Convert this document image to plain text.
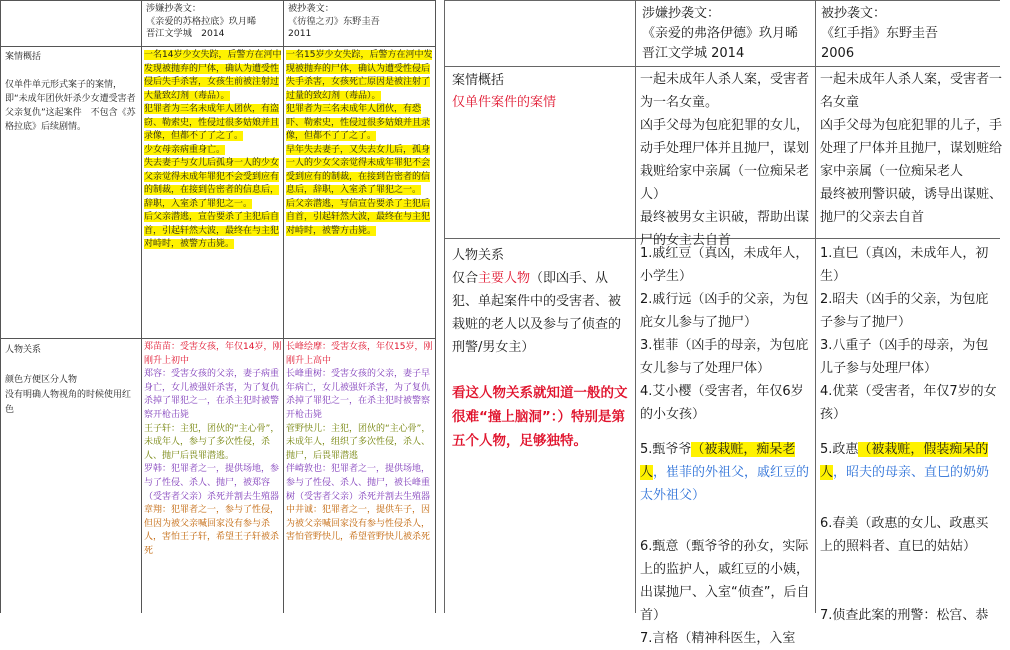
涉嫌抄袭文：
《亲爱的苏格拉底》玖月晞
晋江文学城　2014
被抄袭文：
《彷徨之刃》东野圭吾
2011
案情概括
仅单件单元形式案子的案情，即“未成年团伙奸杀少女遭受害者父亲复仇”这起案件　不包含《苏格拉底》后续剧情。

一名14岁少女失踪，后警方在河中发现被抛弃的尸体，确认为遭受性侵后失手杀害，女孩生前被注射过大量致幻剂（毒品）。

犯罪者为三名未成年人团伙，有盗窃、勒索史，性侵过很多姑娘并且录像，但都不了了之了。

少女母亲病重身亡。

失去妻子与女儿后孤身一人的少女父亲觉得未成年罪犯不会受到应有的制裁，在接到告密者的信息后，辞职，入室杀了罪犯之一。

后父亲潜逃，宣告要杀了主犯后自首，引起轩然大波，最终在与主犯对峙时，被警方击毙。

一名15岁少女失踪，后警方在河中发现被抛弃的尸体，确认为遭受性侵后失手杀害，女孩死亡原因是被注射了过量的致幻剂（毒品）。

犯罪者为三名未成年人团伙，有恐吓、勒索史，性侵过很多姑娘并且录像，但都不了了之了。

早年失去妻子，又失去女儿后，孤身一人的少女父亲觉得未成年罪犯不会受到应有的制裁，在接到告密者的信息后，辞职，入室杀了罪犯之一。

后父亲潜逃，写信宣告要杀了主犯后自首，引起轩然大波，最终在与主犯对峙时，被警方击毙。

人物关系
颜色方便区分人物
没有明确人物视角的时候使用红色

郑苗苗：受害女孩，年仅14岁，刚刚升上初中

郑容：受害女孩的父亲，妻子病重身亡，女儿被强奸杀害，为了复仇杀掉了罪犯之一，在杀主犯时被警察开枪击毙

王子轩：主犯，团伙的“主心骨”，未成年人，参与了多次性侵，杀人、抛尸后畏罪潜逃。

罗韩：犯罪者之一，提供场地，参与了性侵、杀人、抛尸，被郑容（受害者父亲）杀死并割去生殖器

章翔：犯罪者之一，参与了性侵，但因为被父亲喊回家没有参与杀人，害怕王子轩，希望王子轩被杀死

长峰绘摩：受害女孩，年仅15岁，刚刚升上高中

长峰重树：受害女孩的父亲，妻子早年病亡，女儿被强奸杀害，为了复仇杀掉了罪犯之一，在杀主犯时被警察开枪击毙

菅野快儿：主犯，团伙的“主心骨”，未成年人，组织了多次性侵，杀人、抛尸，后畏罪潜逃

伴崎敦也：犯罪者之一，提供场地，参与了性侵、杀人、抛尸，被长峰重树（受害者父亲）杀死并割去生殖器

中井诚：犯罪者之一，提供车子，因为被父亲喊回家没有参与性侵杀人，害怕菅野快儿，希望菅野快儿被杀死

涉嫌抄袭文：
《亲爱的弗洛伊德》玖月晞
晋江文学城 2014
被抄袭文：
《红手指》东野圭吾
2006
案情概括
仅单件案件的案情

一起未成年人杀人案，受害者为一名女童。

凶手父母为包庇犯罪的女儿，动手处理尸体并且抛尸，谋划栽赃给家中亲属（一位痴呆老人）

最终被男女主识破，帮助出谋尸的女主去自首

一起未成年人杀人案，受害者一名女童

凶手父母为包庇犯罪的儿子，手处理了尸体并且抛尸，谋划赃给家中亲属（一位痴呆老人

最终被刑警识破，诱导出谋赃、抛尸的父亲去自首

人物关系
仅合主要人物（即凶手、从犯、单起案件中的受害者、被栽赃的老人以及参与了侦查的刑警/男女主）
看这人物关系就知道一般的文很难“撞上脑洞”：）特别是第五个人物，足够独特。

1.戚红豆（真凶，未成年人，小学生）

2.戚行远（凶手的父亲，为包庇女儿参与了抛尸）

3.崔菲（凶手的母亲，为包庇女儿参与了处理尸体）

4.艾小樱（受害者，年仅6岁的小女孩）

5.甄爷爷（被栽赃，痴呆老人，崔菲的外祖父，戚红豆的太外祖父）

6.甄意（甄爷爷的孙女，实际上的监护人，戚红豆的小姨，出谋抛尸、入室“侦查”，后自首）

7.言格（精神科医生，入室

1.直巳（真凶，未成年人，初生）

2.昭夫（凶手的父亲，为包庇子参与了抛尸）

3.八重子（凶手的母亲，为包儿子参与处理尸体）

4.优菜（受害者，年仅7岁的女孩）

5.政惠（被栽赃，假装痴呆的人，昭夫的母亲、直巳的奶奶

6.春美（政惠的女儿、政惠买上的照料者、直巳的姑姑）

7.侦查此案的刑警：松宫、恭
